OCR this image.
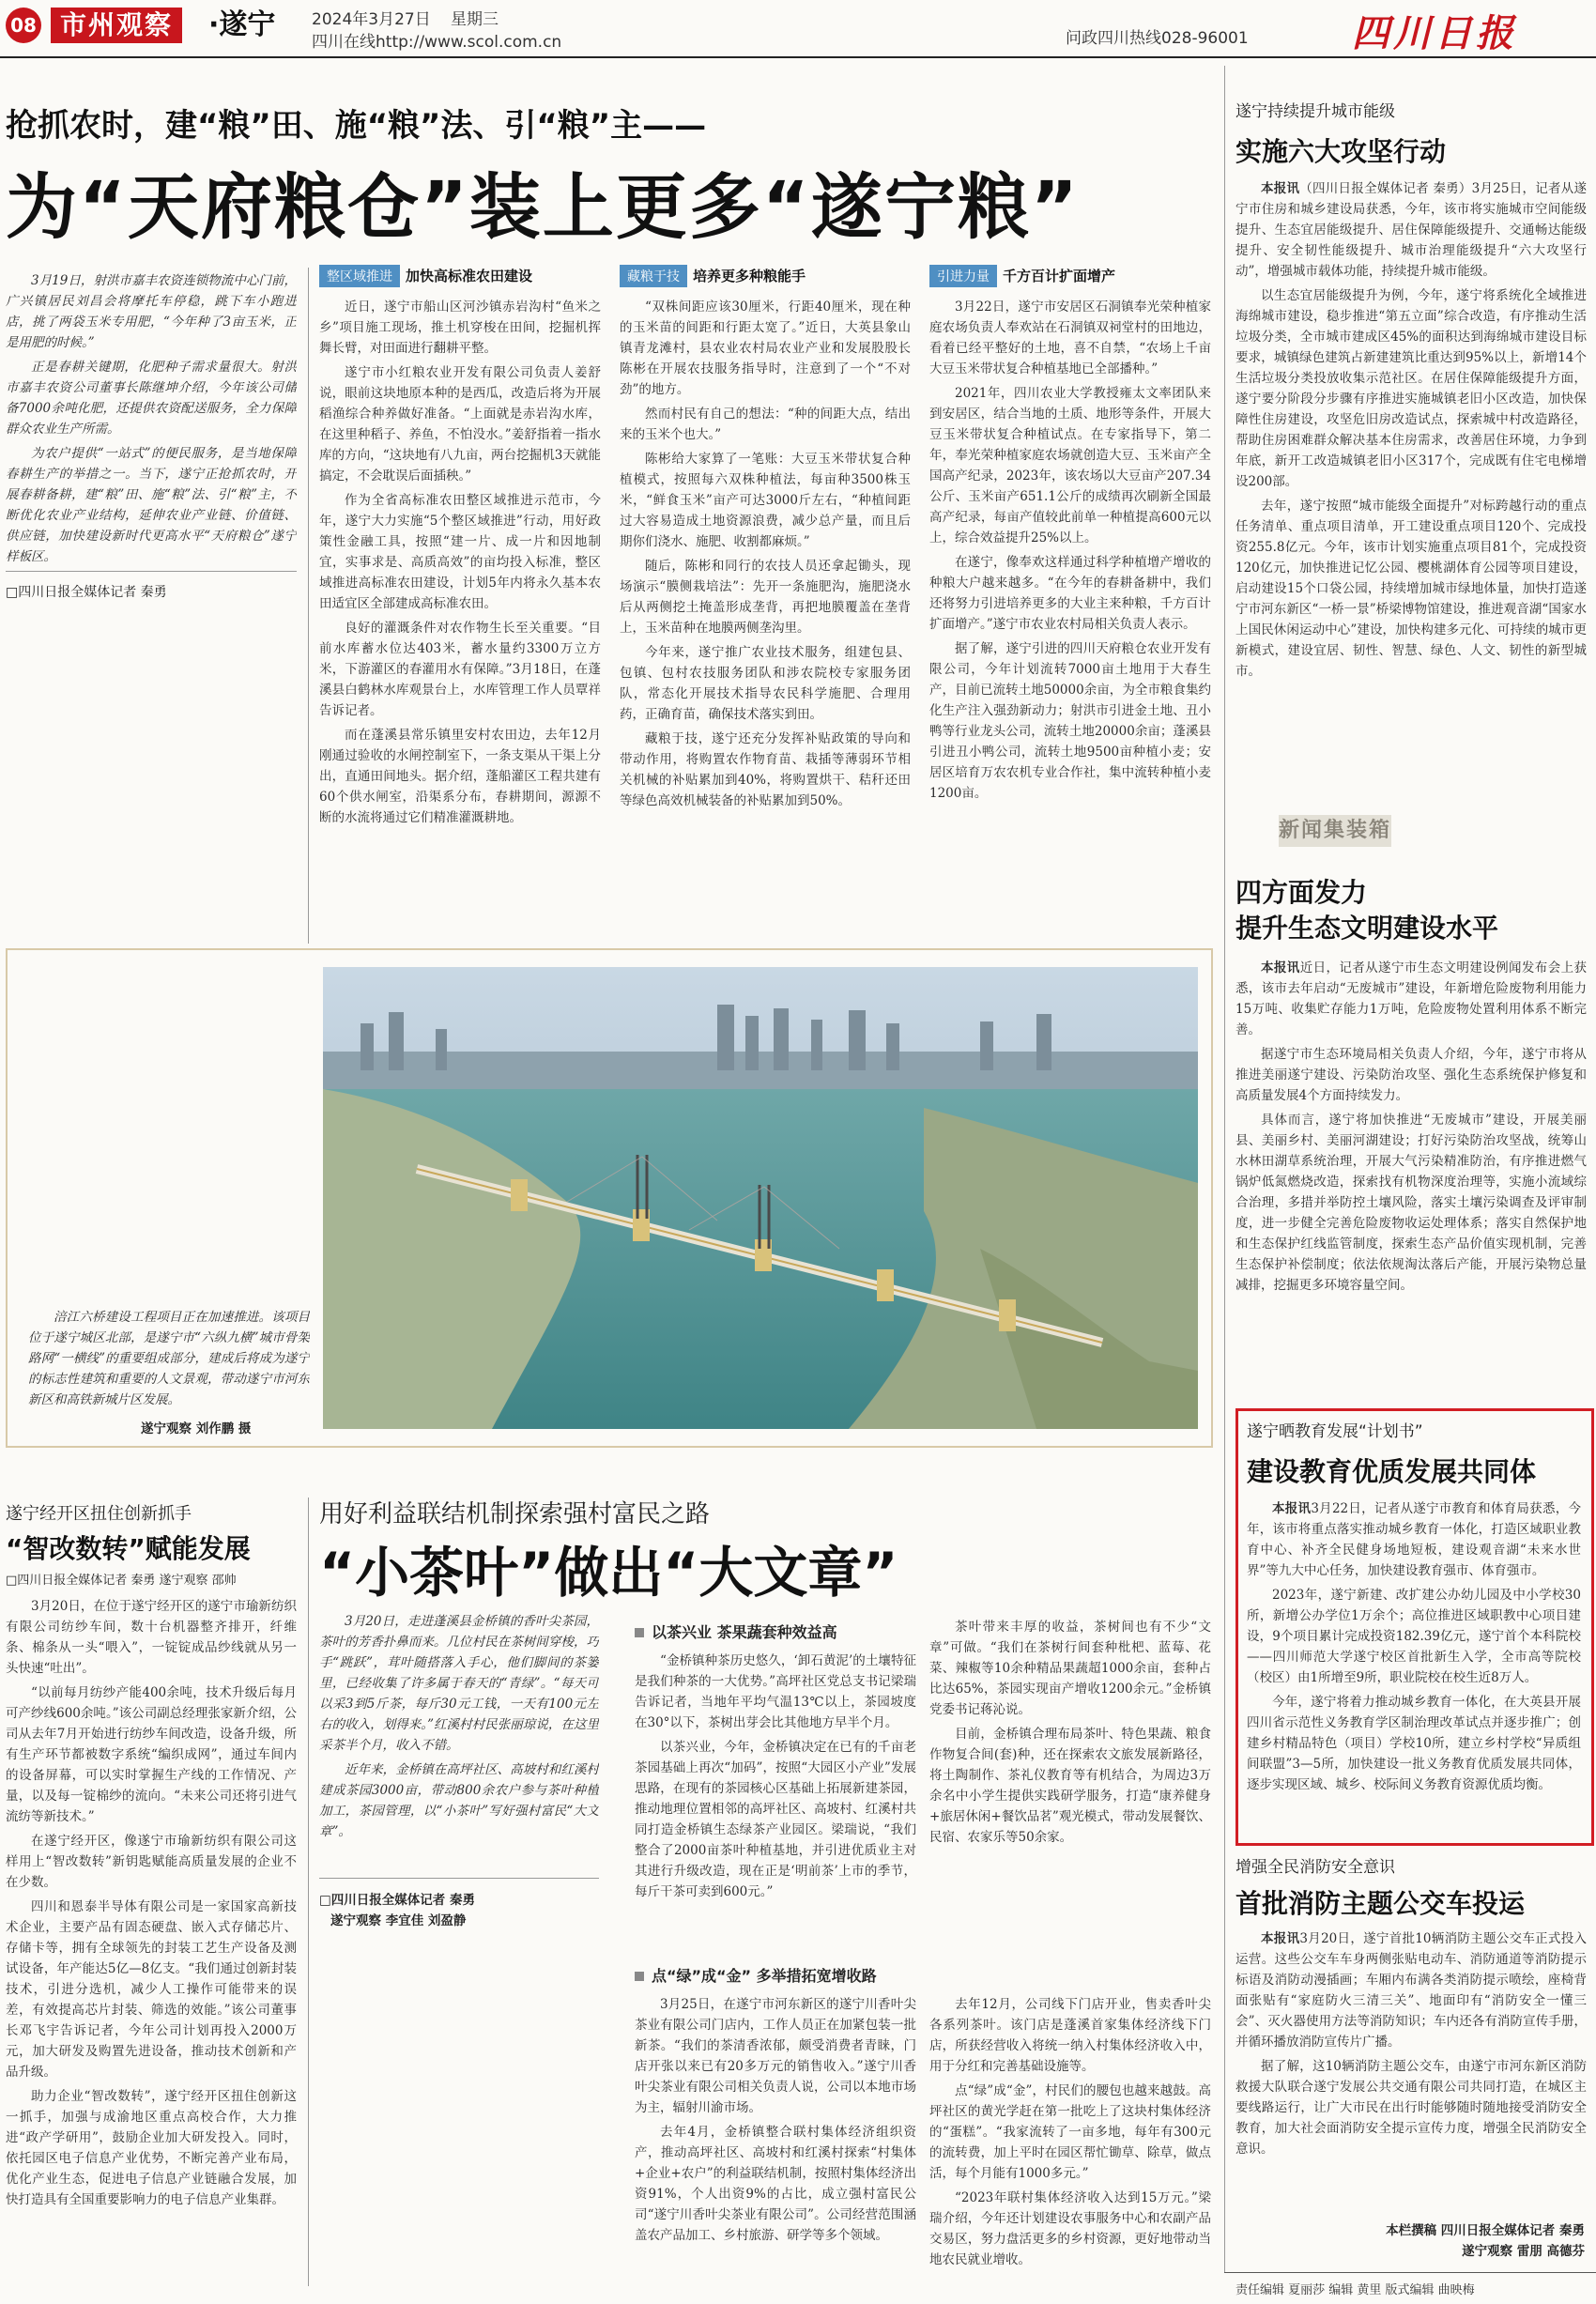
08 市州观察	·遂宁 2024年3月27日 星期三
四川在线http://www.scol.com.cn	问政四川热线028-96001	四川日报
抢抓农时，建“粮”田、施“粮”法、引“粮”主——
为“天府粮仓”装上更多“遂宁粮”

3月19日，射洪市嘉丰农资连锁物流中心门前，广兴镇居民刘昌会将摩托车停稳，跳下车小跑进店，挑了两袋玉米专用肥，“今年种了3亩玉米，正是用肥的时候。”

正是春耕关键期，化肥种子需求量很大。射洪市嘉丰农资公司董事长陈继坤介绍，今年该公司储备7000余吨化肥，还提供农资配送服务，全力保障群众农业生产所需。

为农户提供“一站式”的便民服务，是当地保障春耕生产的举措之一。当下，遂宁正抢抓农时，开展春耕备耕，建“粮”田、施“粮”法、引“粮”主，不断优化农业产业结构，延伸农业产业链、价值链、供应链，加快建设新时代更高水平“天府粮仓”遂宁样板区。

□四川日报全媒体记者 秦勇
整区域推进 加快高标准农田建设

近日，遂宁市船山区河沙镇赤岩沟村“鱼米之乡”项目施工现场，推土机穿梭在田间，挖掘机挥舞长臂，对田面进行翻耕平整。

遂宁市小红粮农业开发有限公司负责人姜舒说，眼前这块地原本种的是西瓜，改造后将为开展稻渔综合种养做好准备。“上面就是赤岩沟水库，在这里种稻子、养鱼，不怕没水。”姜舒指着一指水库的方向，“这块地有八九亩，两台挖掘机3天就能搞定，不会耽误后面插秧。”

作为全省高标准农田整区域推进示范市，今年，遂宁大力实施“5个整区域推进”行动，用好政策性金融工具，按照“建一片、成一片和因地制宜，实事求是、高质高效”的亩均投入标准，整区域推进高标准农田建设，计划5年内将永久基本农田适宜区全部建成高标准农田。

良好的灌溉条件对农作物生长至关重要。“目前水库蓄水位达403米，蓄水量约3300万立方米，下游灌区的春灌用水有保障。”3月18日，在蓬溪县白鹤林水库观景台上，水库管理工作人员覃祥告诉记者。

而在蓬溪县常乐镇里安村农田边，去年12月刚通过验收的水闸控制室下，一条支渠从干渠上分出，直通田间地头。据介绍，蓬船灌区工程共建有60个供水闸室，沿渠系分布，春耕期间，源源不断的水流将通过它们精准灌溉耕地。

藏粮于技 培养更多种粮能手

“双株间距应该30厘米，行距40厘米，现在种的玉米苗的间距和行距太宽了。”近日，大英县象山镇青龙滩村，县农业农村局农业产业和发展股股长陈彬在开展农技服务指导时，注意到了一个“不对劲”的地方。

然而村民有自己的想法：“种的间距大点，结出来的玉米个也大。”

陈彬给大家算了一笔账：大豆玉米带状复合种植模式，按照每六双株种植法，每亩种3500株玉米，“鲜食玉米”亩产可达3000斤左右，“种植间距过大容易造成土地资源浪费，减少总产量，而且后期你们浇水、施肥、收割都麻烦。”

随后，陈彬和同行的农技人员还拿起锄头，现场演示“膜侧栽培法”：先开一条施肥沟，施肥浇水后从两侧挖土掩盖形成垄背，再把地膜覆盖在垄背上，玉米苗种在地膜两侧垄沟里。

今年来，遂宁推广农业技术服务，组建包县、包镇、包村农技服务团队和涉农院校专家服务团队，常态化开展技术指导农民科学施肥、合理用药，正确育苗，确保技术落实到田。

藏粮于技，遂宁还充分发挥补贴政策的导向和带动作用，将购置农作物育苗、栽插等薄弱环节相关机械的补贴累加到40%，将购置烘干、秸秆还田等绿色高效机械装备的补贴累加到50%。

引进力量 千方百计扩面增产

3月22日，遂宁市安居区石洞镇奉光荣种植家庭农场负责人奉欢站在石洞镇双祠堂村的田地边，看着已经平整好的土地，喜不自禁，“农场上千亩大豆玉米带状复合种植基地已全部播种。”

2021年，四川农业大学教授雍太文率团队来到安居区，结合当地的土质、地形等条件，开展大豆玉米带状复合种植试点。在专家指导下，第二年，奉光荣种植家庭农场就创造大豆、玉米亩产全国高产纪录，2023年，该农场以大豆亩产207.34公斤、玉米亩产651.1公斤的成绩再次刷新全国最高产纪录，每亩产值较此前单一种植提高600元以上，综合效益提升25%以上。

在遂宁，像奉欢这样通过科学种植增产增收的种粮大户越来越多。“在今年的春耕备耕中，我们还将努力引进培养更多的大业主来种粮，千方百计扩面增产。”遂宁市农业农村局相关负责人表示。

据了解，遂宁引进的四川天府粮仓农业开发有限公司，今年计划流转7000亩土地用于大春生产，目前已流转土地50000余亩，为全市粮食集约化生产注入强劲新动力；射洪市引进金土地、丑小鸭等行业龙头公司，流转土地20000余亩；蓬溪县引进丑小鸭公司，流转土地9500亩种植小麦；安居区培育万农农机专业合作社，集中流转种植小麦1200亩。

涪江六桥建设工程项目正在加速推进。该项目位于遂宁城区北部，是遂宁市“六纵九横”城市骨架路网“一横线”的重要组成部分，建成后将成为遂宁的标志性建筑和重要的人文景观，带动遂宁市河东新区和高铁新城片区发展。

遂宁观察 刘作鹏 摄
遂宁经开区扭住创新抓手
“智改数转”赋能发展
□四川日报全媒体记者 秦勇 遂宁观察 邵帅

3月20日，在位于遂宁经开区的遂宁市瑜新纺织有限公司纺纱车间，数十台机器整齐排开，纤维条、棉条从一头“喂入”，一锭锭成品纱线就从另一头快速“吐出”。

“以前每月纺纱产能400余吨，技术升级后每月可产纱线600余吨。”该公司副总经理张家新介绍，公司从去年7月开始进行纺纱车间改造，设备升级，所有生产环节都被数字系统“编织成网”，通过车间内的设备屏幕，可以实时掌握生产线的工作情况、产量，以及每一锭棉纱的流向。“未来公司还将引进气流纺等新技术。”

在遂宁经开区，像遂宁市瑜新纺织有限公司这样用上“智改数转”新钥匙赋能高质量发展的企业不在少数。

四川和恩泰半导体有限公司是一家国家高新技术企业，主要产品有固态硬盘、嵌入式存储芯片、存储卡等，拥有全球领先的封装工艺生产设备及测试设备，年产能达5亿—8亿支。“我们通过创新封装技术，引进分选机，减少人工操作可能带来的误差，有效提高芯片封装、筛选的效能。”该公司董事长邓飞宇告诉记者，今年公司计划再投入2000万元，加大研发及购置先进设备，推动技术创新和产品升级。

助力企业“智改数转”，遂宁经开区扭住创新这一抓手，加强与成渝地区重点高校合作，大力推进“政产学研用”，鼓励企业加大研发投入。同时，依托园区电子信息产业优势，不断完善产业布局，优化产业生态，促进电子信息产业链融合发展，加快打造具有全国重要影响力的电子信息产业集群。

用好利益联结机制探索强村富民之路
“小茶叶”做出“大文章”

3月20日，走进蓬溪县金桥镇的香叶尖茶园，茶叶的芳香扑鼻而来。几位村民在茶树间穿梭，巧手“跳跃”，茸叶随搭落入手心，他们脚间的茶篓里，已经收集了许多属于春天的“青绿”。“每天可以采3到5斤茶，每斤30元工钱，一天有100元左右的收入，划得来。”红溪村村民张丽琼说，在这里采茶半个月，收入不错。

近年来，金桥镇在高坪社区、高坡村和红溪村建成茶园3000亩，带动800余农户参与茶叶种植加工，茶园管理，以“小茶叶”写好强村富民“大文章”。

□四川日报全媒体记者 秦勇
遂宁观察 李宜佳 刘盈静
以茶兴业 茶果蔬套种效益高

“金桥镇种茶历史悠久，‘卸石黄泥’的土壤特征是我们种茶的一大优势。”高坪社区党总支书记梁瑞告诉记者，当地年平均气温13℃以上，茶园坡度在30°以下，茶树出芽会比其他地方早半个月。

以茶兴业，今年，金桥镇决定在已有的千亩老茶园基础上再次“加码”，按照“大园区小产业”发展思路，在现有的茶园核心区基础上拓展新建茶园，推动地理位置相邻的高坪社区、高坡村、红溪村共同打造金桥镇生态绿茶产业园区。梁瑞说，“我们整合了2000亩茶叶种植基地，并引进优质业主对其进行升级改造，现在正是‘明前茶’上市的季节，每斤干茶可卖到600元。”

茶叶带来丰厚的收益，茶树间也有不少“文章”可做。“我们在茶树行间套种枇杷、蓝莓、花菜、辣椒等10余种精品果蔬超1000余亩，套种占比达65%，茶园实现亩产增收1200余元。”金桥镇党委书记蒋沁说。

目前，金桥镇合理布局茶叶、特色果蔬、粮食作物复合间(套)种，还在探索农文旅发展新路径，将土陶制作、茶礼仪教育等有机结合，为周边3万余名中小学生提供实践研学服务，打造“康养健身+旅居休闲+餐饮品茗”观光模式，带动发展餐饮、民宿、农家乐等50余家。

点“绿”成“金” 多举措拓宽增收路

3月25日，在遂宁市河东新区的遂宁川香叶尖茶业有限公司门店内，工作人员正在加紧包装一批新茶。“我们的茶清香浓郁，颇受消费者青睐，门店开张以来已有20多万元的销售收入。”遂宁川香叶尖茶业有限公司相关负责人说，公司以本地市场为主，辐射川渝市场。

去年4月，金桥镇整合联村集体经济组织资产，推动高坪社区、高坡村和红溪村探索“村集体+企业+农户”的利益联结机制，按照村集体经济出资91%，个人出资9%的占比，成立强村富民公司“遂宁川香叶尖茶业有限公司”。公司经营范围涵盖农产品加工、乡村旅游、研学等多个领域。

去年12月，公司线下门店开业，售卖香叶尖各系列茶叶。该门店是蓬溪首家集体经济线下门店，所获经营收入将统一纳入村集体经济收入中，用于分红和完善基础设施等。

点“绿”成“金”，村民们的腰包也越来越鼓。高坪社区的黄光学赶在第一批吃上了这块村集体经济的“蛋糕”。“我家流转了一亩多地，每年有300元的流转费，加上平时在园区帮忙锄草、除草，做点活，每个月能有1000多元。”

“2023年联村集体经济收入达到15万元。”梁瑞介绍，今年还计划建设农事服务中心和农副产品交易区，努力盘活更多的乡村资源，更好地带动当地农民就业增收。

遂宁持续提升城市能级
实施六大攻坚行动

本报讯（四川日报全媒体记者 秦勇）3月25日，记者从遂宁市住房和城乡建设局获悉，今年，该市将实施城市空间能级提升、生态宜居能级提升、居住保障能级提升、交通畅达能级提升、安全韧性能级提升、城市治理能级提升“六大攻坚行动”，增强城市载体功能，持续提升城市能级。

以生态宜居能级提升为例，今年，遂宁将系统化全域推进海绵城市建设，稳步推进“第五立面”综合改造，有序推动生活垃圾分类，全市城市建成区45%的面积达到海绵城市建设目标要求，城镇绿色建筑占新建建筑比重达到95%以上，新增14个生活垃圾分类投放收集示范社区。在居住保障能级提升方面，遂宁要分阶段分步骤有序推进实施城镇老旧小区改造，加快保障性住房建设，攻坚危旧房改造试点，探索城中村改造路径，帮助住房困难群众解决基本住房需求，改善居住环境，力争到年底，新开工改造城镇老旧小区317个，完成既有住宅电梯增设200部。

去年，遂宁按照“城市能级全面提升”对标跨越行动的重点任务清单、重点项目清单，开工建设重点项目120个、完成投资255.8亿元。今年，该市计划实施重点项目81个，完成投资120亿元，加快推进记忆公园、樱桃湖体育公园等项目建设，启动建设15个口袋公园，持续增加城市绿地体量，加快打造遂宁市河东新区“一桥一景”桥梁博物馆建设，推进观音湖“国家水上国民休闲运动中心”建设，加快构建多元化、可持续的城市更新模式，建设宜居、韧性、智慧、绿色、人文、韧性的新型城市。

新闻集装箱
四方面发力
提升生态文明建设水平

本报讯近日，记者从遂宁市生态文明建设例闻发布会上获悉，该市去年启动“无废城市”建设，年新增危险废物利用能力15万吨、收集贮存能力1万吨，危险废物处置利用体系不断完善。

据遂宁市生态环境局相关负责人介绍，今年，遂宁市将从推进美丽遂宁建设、污染防治攻坚、强化生态系统保护修复和高质量发展4个方面持续发力。

具体而言，遂宁将加快推进“无废城市”建设，开展美丽县、美丽乡村、美丽河湖建设；打好污染防治攻坚战，统筹山水林田湖草系统治理，开展大气污染精准防治，有序推进燃气锅炉低氮燃烧改造，探索找有机物深度治理等，实施小流域综合治理，多措并举防控土壤风险，落实土壤污染调查及评审制度，进一步健全完善危险废物收运处理体系；落实自然保护地和生态保护红线监管制度，探索生态产品价值实现机制，完善生态保护补偿制度；依法依规淘汰落后产能，开展污染物总量减排，挖掘更多环境容量空间。

遂宁晒教育发展“计划书”
建设教育优质发展共同体

本报讯3月22日，记者从遂宁市教育和体育局获悉，今年，该市将重点落实推动城乡教育一体化，打造区域职业教育中心、补齐全民健身场地短板，建设观音湖“未来水世界”等九大中心任务，加快建设教育强市、体育强市。

2023年，遂宁新建、改扩建公办幼儿园及中小学校30所，新增公办学位1万余个；高位推进区域职教中心项目建设，9个项目累计完成投资182.39亿元，遂宁首个本科院校——四川师范大学遂宁校区首批新生入学，全市高等院校（校区）由1所增至9所，职业院校在校生近8万人。

今年，遂宁将着力推动城乡教育一体化，在大英县开展四川省示范性义务教育学区制治理改革试点并逐步推广；创建乡村精品特色（项目）学校10所，建立乡村学校“异质组间联盟”3—5所，加快建设一批义务教育优质发展共同体，逐步实现区域、城乡、校际间义务教育资源优质均衡。

增强全民消防安全意识
首批消防主题公交车投运

本报讯3月20日，遂宁首批10辆消防主题公交车正式投入运营。这些公交车车身两侧张贴电动车、消防通道等消防提示标语及消防动漫插画；车厢内布满各类消防提示喷绘，座椅背面张贴有“家庭防火三清三关”、地面印有“消防安全一懂三会”、灭火器使用方法等消防知识；车内还各有消防宣传手册，并循环播放消防宣传片广播。

据了解，这10辆消防主题公交车，由遂宁市河东新区消防救援大队联合遂宁发展公共交通有限公司共同打造，在城区主要线路运行，让广大市民在出行时能够随时随地接受消防安全教育，加大社会面消防安全提示宣传力度，增强全民消防安全意识。

本栏撰稿 四川日报全媒体记者 秦勇
遂宁观察 雷朋 高德芬
责任编辑 夏丽莎 编辑 黄里 版式编辑 曲映梅
